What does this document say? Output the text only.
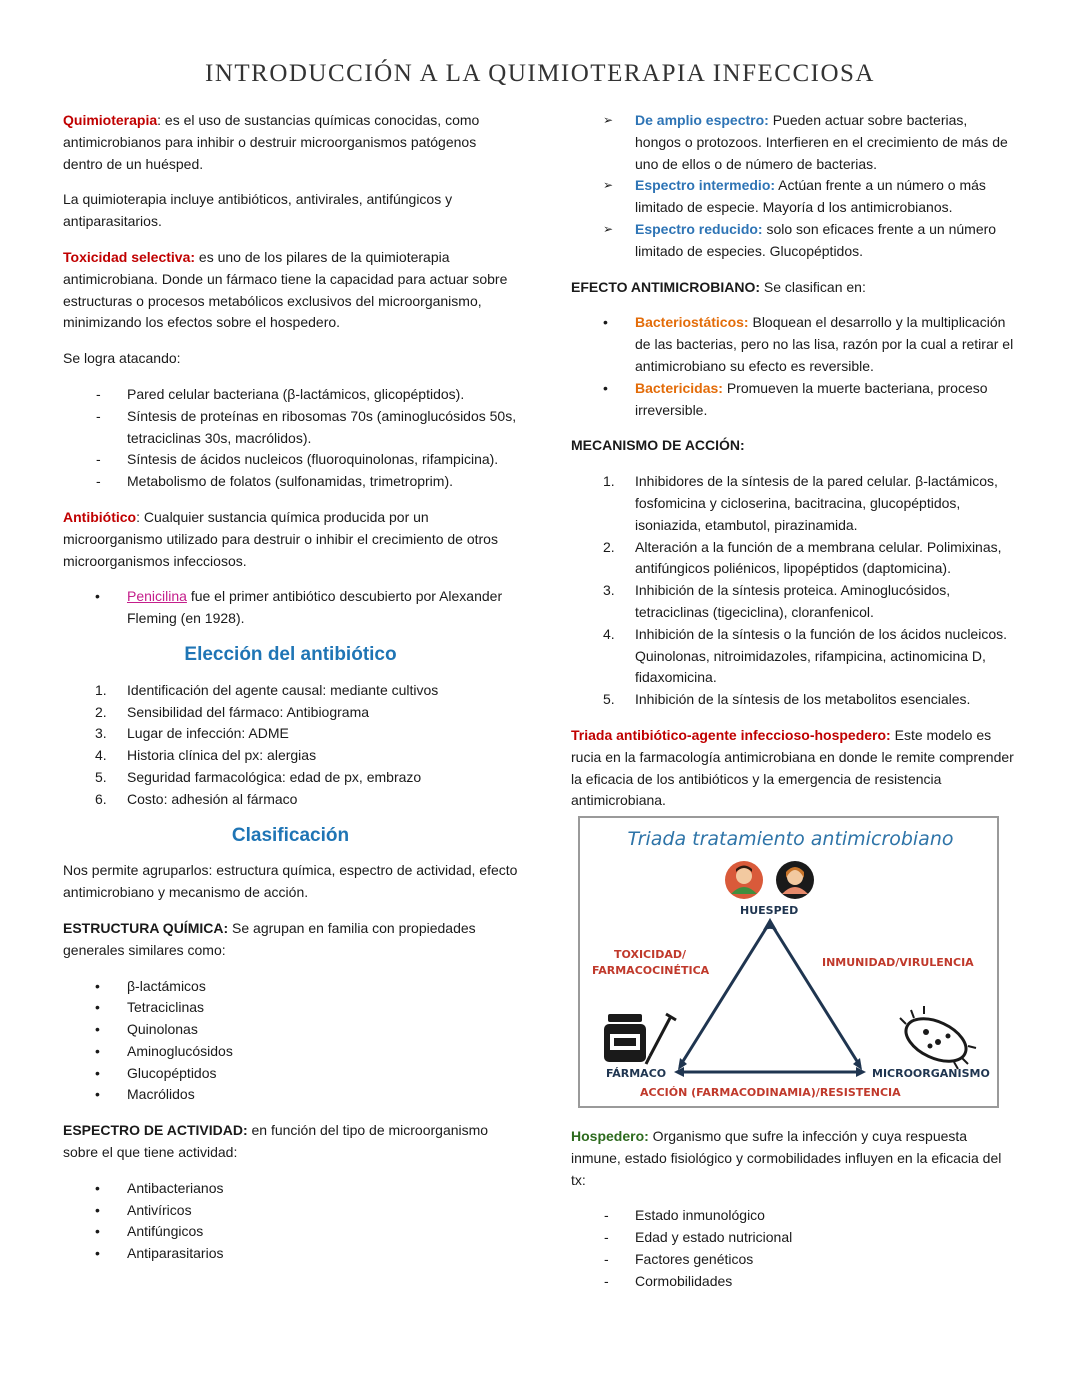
INTRODUCCIÓN A LA QUIMIOTERAPIA INFECCIOSA

Quimioterapia: es el uso de sustancias químicas conocidas, como antimicrobianos para inhibir o destruir microorganismos patógenos dentro de un huésped.

La quimioterapia incluye antibióticos, antivirales, antifúngicos y antiparasitarios.

Toxicidad selectiva: es uno de los pilares de la quimioterapia antimicrobiana. Donde un fármaco tiene la capacidad para actuar sobre estructuras o procesos metabólicos exclusivos del microorganismo, minimizando los efectos sobre el hospedero.

Se logra atacando:

-	Pared celular bacteriana (β-lactámicos, glicopéptidos).
-	Síntesis de proteínas en ribosomas 70s (aminoglucósidos 50s, tetraciclinas 30s, macrólidos).
-	Síntesis de ácidos nucleicos (fluoroquinolonas, rifampicina).
-	Metabolismo de folatos (sulfonamidas, trimetroprim).

Antibiótico: Cualquier sustancia química producida por un microorganismo utilizado para destruir o inhibir el crecimiento de otros microorganismos infecciosos.

•	Penicilina fue el primer antibiótico descubierto por Alexander Fleming (en 1928).
Elección del antibiótico
1.	Identificación del agente causal: mediante cultivos
2.	Sensibilidad del fármaco: Antibiograma
3.	Lugar de infección: ADME
4.	Historia clínica del px: alergias
5.	Seguridad farmacológica: edad de px, embrazo
6.	Costo: adhesión al fármaco
Clasificación

Nos permite agruparlos: estructura química, espectro de actividad, efecto antimicrobiano y mecanismo de acción.

ESTRUCTURA QUÍMICA: Se agrupan en familia con propiedades generales similares como:

•	β-lactámicos
•	Tetraciclinas
•	Quinolonas
•	Aminoglucósidos
•	Glucopéptidos
•	Macrólidos

ESPECTRO DE ACTIVIDAD: en función del tipo de microorganismo sobre el que tiene actividad:

•	Antibacterianos
•	Antivíricos
•	Antifúngicos
•	Antiparasitarios
➢	De amplio espectro: Pueden actuar sobre bacterias, hongos o protozoos. Interfieren en el crecimiento de más de uno de ellos o de número de bacterias.
➢	Espectro intermedio: Actúan frente a un número o más limitado de especie. Mayoría d los antimicrobianos.
➢	Espectro reducido: solo son eficaces frente a un número limitado de especies. Glucopéptidos.

EFECTO ANTIMICROBIANO: Se clasifican en:

•	Bacteriostáticos: Bloquean el desarrollo y la multiplicación de las bacterias, pero no las lisa, razón por la cual a retirar el antimicrobiano su efecto es reversible.
•	Bactericidas: Promueven la muerte bacteriana, proceso irreversible.

MECANISMO DE ACCIÓN:

1.	Inhibidores de la síntesis de la pared celular. β-lactámicos, fosfomicina y cicloserina, bacitracina, glucopéptidos, isoniazida, etambutol, pirazinamida.
2.	Alteración a la función de a membrana celular. Polimixinas, antifúngicos poliénicos, lipopéptidos (daptomicina).
3.	Inhibición de la síntesis proteica. Aminoglucósidos, tetraciclinas (tigeciclina), cloranfenicol.
4.	Inhibición de la síntesis o la función de los ácidos nucleicos. Quinolonas, nitroimidazoles, rifampicina, actinomicina D, fidaxomicina.
5.	Inhibición de la síntesis de los metabolitos esenciales.

Triada antibiótico-agente infeccioso-hospedero: Este modelo es rucia en la farmacología antimicrobiana en donde le remite comprender la eficacia de los antibióticos y la emergencia de resistencia antimicrobiana.

Triada tratamiento antimicrobiano
HUESPED
TOXICIDAD/
FARMACOCINÉTICA
INMUNIDAD/VIRULENCIA
FÁRMACO	MICROORGANISMO
ACCIÓN (FARMACODINAMIA)/RESISTENCIA

Hospedero: Organismo que sufre la infección y cuya respuesta inmune, estado fisiológico y cormobilidades influyen en la eficacia del tx:

-	Estado inmunológico
-	Edad y estado nutricional
-	Factores genéticos
-	Cormobilidades
